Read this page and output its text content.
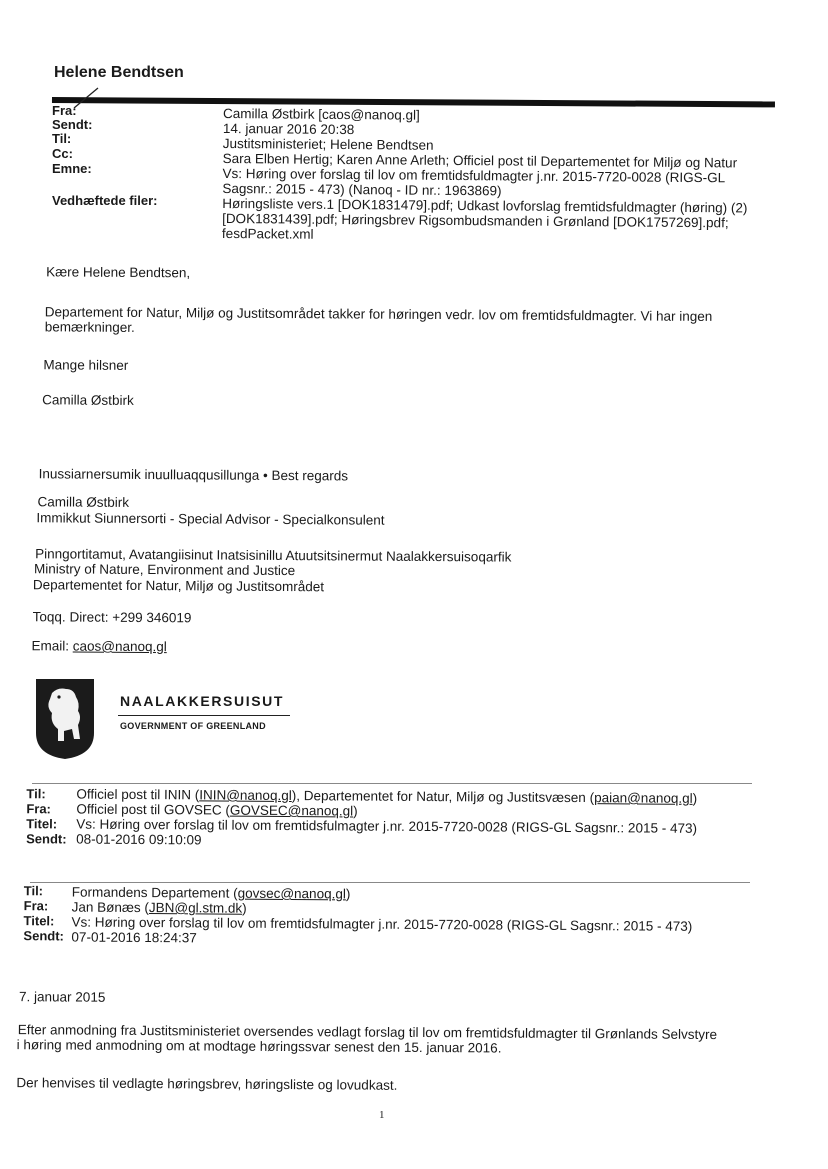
Helene Bendtsen
Fra:
Sendt:
Til:
Cc:
Emne:
Vedhæftede filer:
Camilla Østbirk [caos@nanoq.gl]
14. januar 2016 20:38
Justitsministeriet; Helene Bendtsen
Sara Elben Hertig; Karen Anne Arleth; Officiel post til Departementet for Miljø og Natur
Vs: Høring over forslag til lov om fremtidsfuldmagter j.nr. 2015-7720-0028 (RIGS-GL
Sagsnr.: 2015 - 473) (Nanoq - ID nr.: 1963869)
Høringsliste vers.1 [DOK1831479].pdf; Udkast lovforslag fremtidsfuldmagter (høring) (2)
[DOK1831439].pdf; Høringsbrev Rigsombudsmanden i Grønland [DOK1757269].pdf;
fesdPacket.xml
Kære Helene Bendtsen,
Departement for Natur, Miljø og Justitsområdet takker for høringen vedr. lov om fremtidsfuldmagter. Vi har ingen
bemærkninger.
Mange hilsner
Camilla Østbirk
Inussiarnersumik inuulluaqqusillunga • Best regards
Camilla Østbirk
Immikkut Siunnersorti - Special Advisor - Specialkonsulent
Pinngortitamut, Avatangiisinut Inatsisinillu Atuutsitsinermut Naalakkersuisoqarfik
Ministry of Nature, Environment and Justice
Departementet for Natur, Miljø og Justitsområdet
Toqq. Direct: +299 346019
Email: caos@nanoq.gl
NAALAKKERSUISUT
GOVERNMENT OF GREENLAND
Til:
Fra:
Titel:
Sendt:
Officiel post til ININ (ININ@nanoq.gl), Departementet for Natur, Miljø og Justitsvæsen (paian@nanoq.gl)
Officiel post til GOVSEC (GOVSEC@nanoq.gl)
Vs: Høring over forslag til lov om fremtidsfulmagter j.nr. 2015-7720-0028 (RIGS-GL Sagsnr.: 2015 - 473)
08-01-2016 09:10:09
Til:
Fra:
Titel:
Sendt:
Formandens Departement (govsec@nanoq.gl)
Jan Bønæs (JBN@gl.stm.dk)
Vs: Høring over forslag til lov om fremtidsfulmagter j.nr. 2015-7720-0028 (RIGS-GL Sagsnr.: 2015 - 473)
07-01-2016 18:24:37
7. januar 2015
Efter anmodning fra Justitsministeriet oversendes vedlagt forslag til lov om fremtidsfuldmagter til Grønlands Selvstyre
i høring med anmodning om at modtage høringssvar senest den 15. januar 2016.
Der henvises til vedlagte høringsbrev, høringsliste og lovudkast.
1
